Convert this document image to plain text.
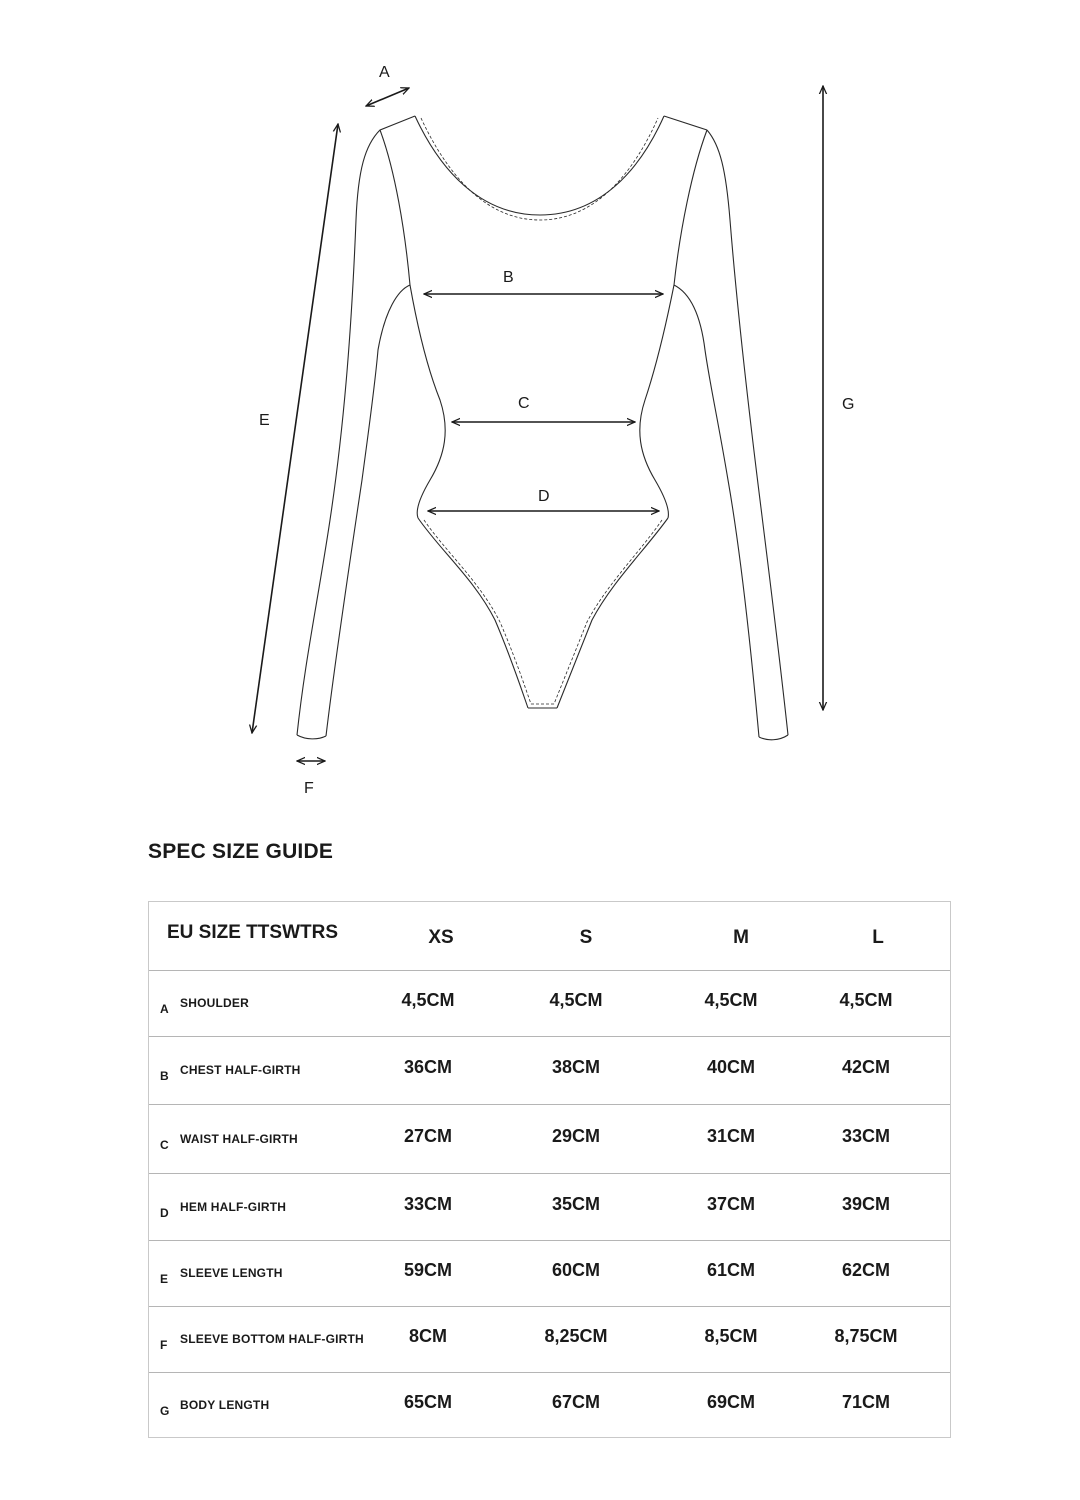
A
B
C
D
E
F
G
SPEC SIZE GUIDE
EU SIZE TTSWTRS	XS	S	M	L
A SHOULDER	4,5CM	4,5CM	4,5CM	4,5CM
B CHEST HALF-GIRTH	36CM	38CM	40CM	42CM
C WAIST HALF-GIRTH	27CM	29CM	31CM	33CM
D HEM HALF-GIRTH	33CM	35CM	37CM	39CM
E SLEEVE LENGTH	59CM	60CM	61CM	62CM
F SLEEVE BOTTOM HALF-GIRTH	8CM	8,25CM	8,5CM	8,75CM
G BODY LENGTH	65CM	67CM	69CM	71CM
